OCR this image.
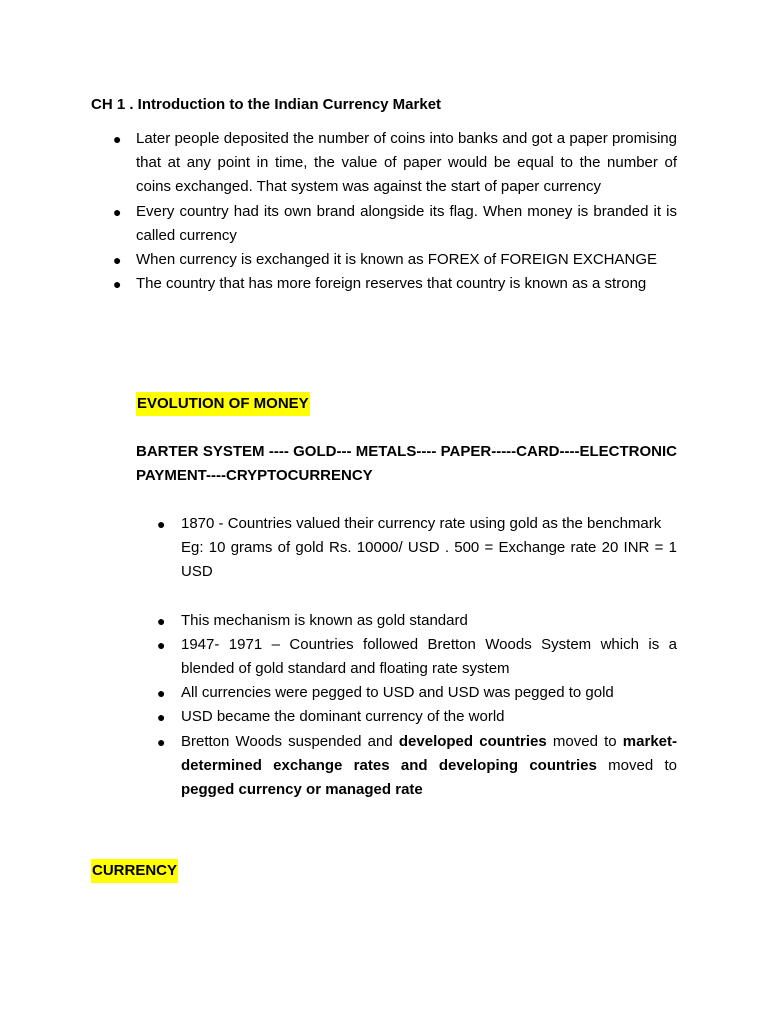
CH 1 . Introduction to the Indian Currency Market
● Later people deposited the number of coins into banks and got a paper promising that at any point in time, the value of paper would be equal to the number of coins exchanged. That system was against the start of paper currency
● Every country had its own brand alongside its flag. When money is branded it is called currency
● When currency is exchanged it is known as FOREX of FOREIGN EXCHANGE
● The country that has more foreign reserves that country is known as a strong
EVOLUTION OF MONEY
BARTER SYSTEM ---- GOLD--- METALS---- PAPER-----CARD----ELECTRONIC
PAYMENT----CRYPTOCURRENCY
● 1870 - Countries valued their currency rate using gold as the benchmark
Eg: 10 grams of gold Rs. 10000/ USD . 500 = Exchange rate 20 INR = 1 USD
● This mechanism is known as gold standard
● 1947- 1971 – Countries followed Bretton Woods System which is a blended of gold standard and floating rate system
● All currencies were pegged to USD and USD was pegged to gold
● USD became the dominant currency of the world
● Bretton Woods suspended and developed countries moved to market-determined exchange rates and developing countries moved to pegged currency or managed rate
CURRENCY
